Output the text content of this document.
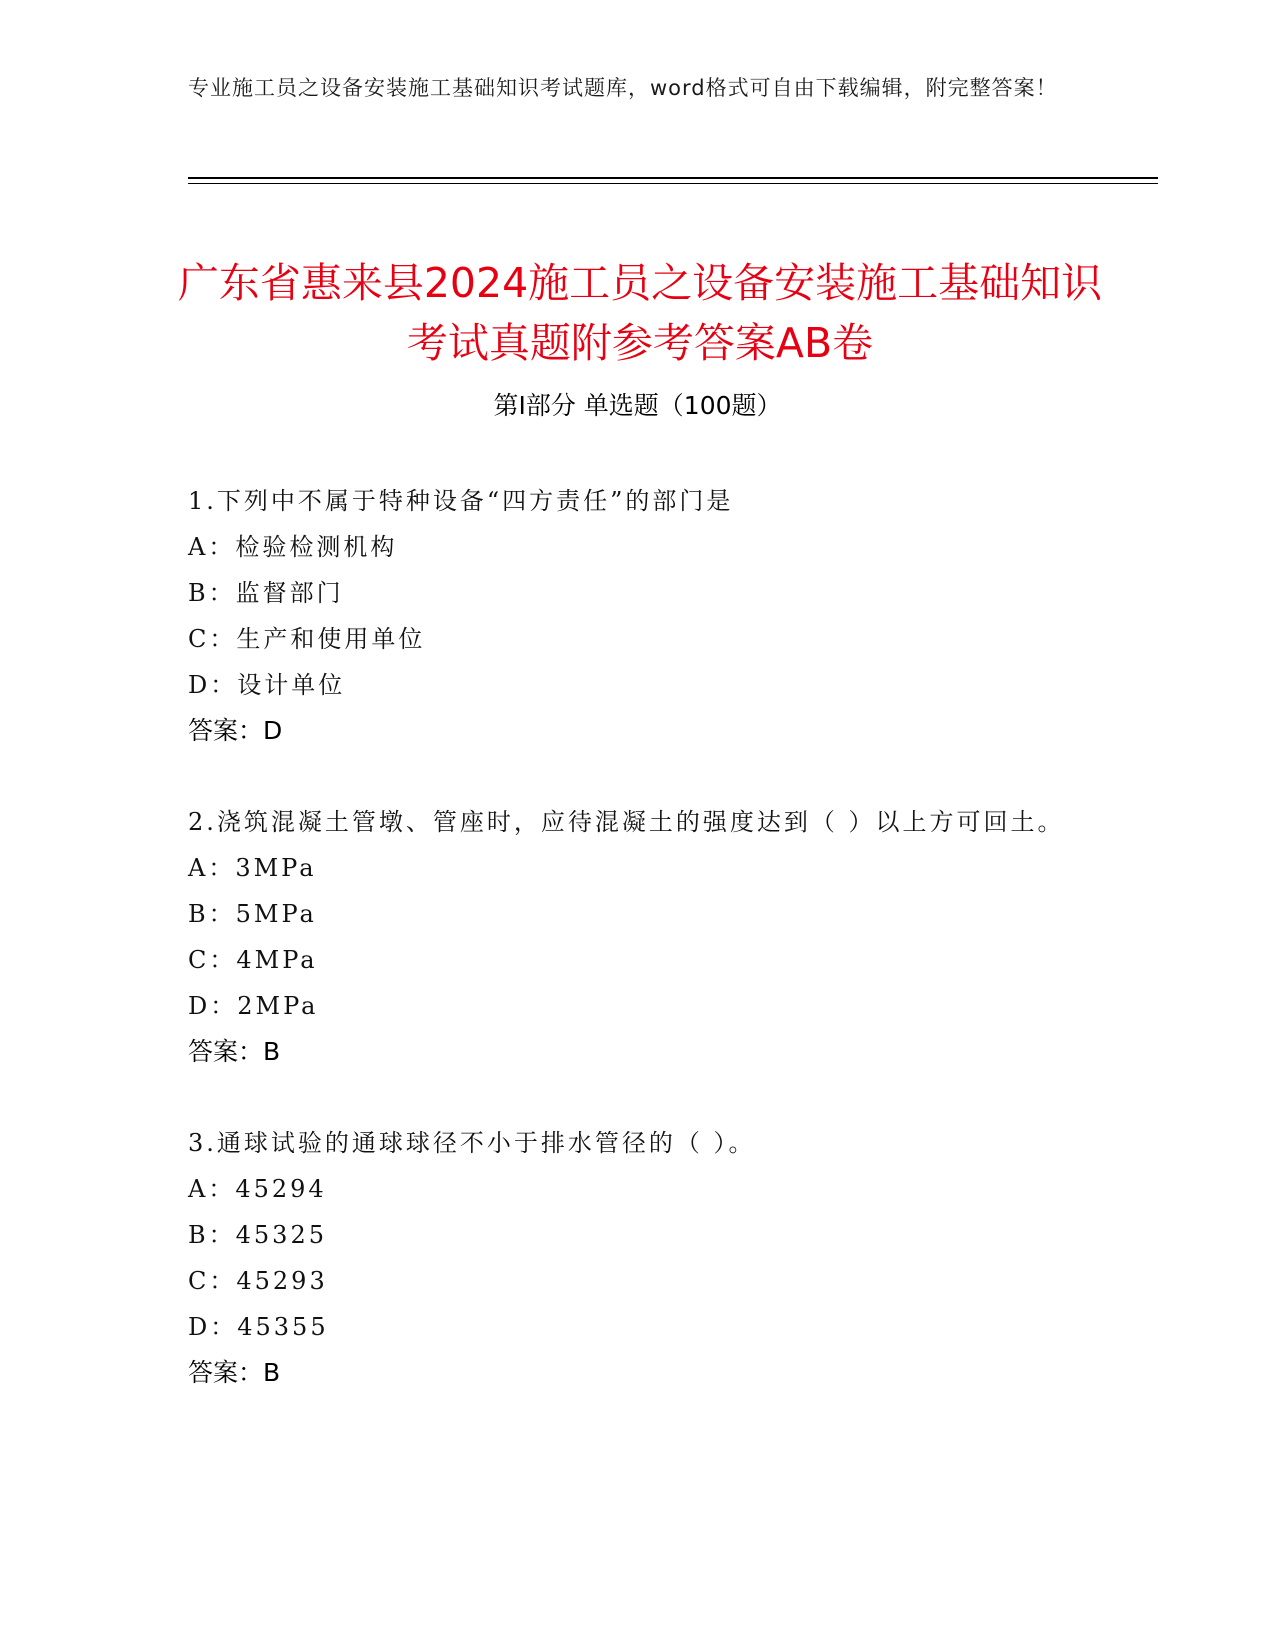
专业施工员之设备安装施工基础知识考试题库，word格式可自由下载编辑，附完整答案！
广东省惠来县2024施工员之设备安装施工基础知识考试真题附参考答案AB卷
第Ⅰ部分 单选题（100题）

1.下列中不属于特种设备“四方责任”的部门是

A：检验检测机构

B：监督部门

C：生产和使用单位

D：设计单位

答案：D

2.浇筑混凝土管墩、管座时，应待混凝土的强度达到（ ）以上方可回土。

A：3MPa

B：5MPa

C：4MPa

D：2MPa

答案：B

3.通球试验的通球球径不小于排水管径的（ ）。

A：45294

B：45325

C：45293

D：45355

答案：B
